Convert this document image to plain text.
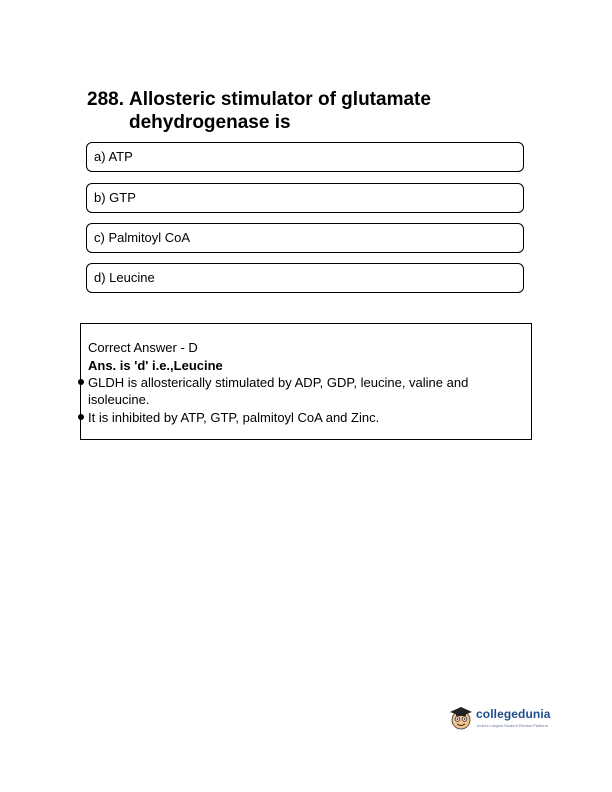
288. Allosteric stimulator of glutamate dehydrogenase is
a) ATP
b) GTP
c) Palmitoyl CoA
d) Leucine
Correct Answer - D
Ans. is 'd' i.e.,Leucine
GLDH is allosterically stimulated by ADP, GDP, leucine, valine and isoleucine.
It is inhibited by ATP, GTP, palmitoyl CoA and Zinc.
collegedunia
India's Largest Student Review Platform
